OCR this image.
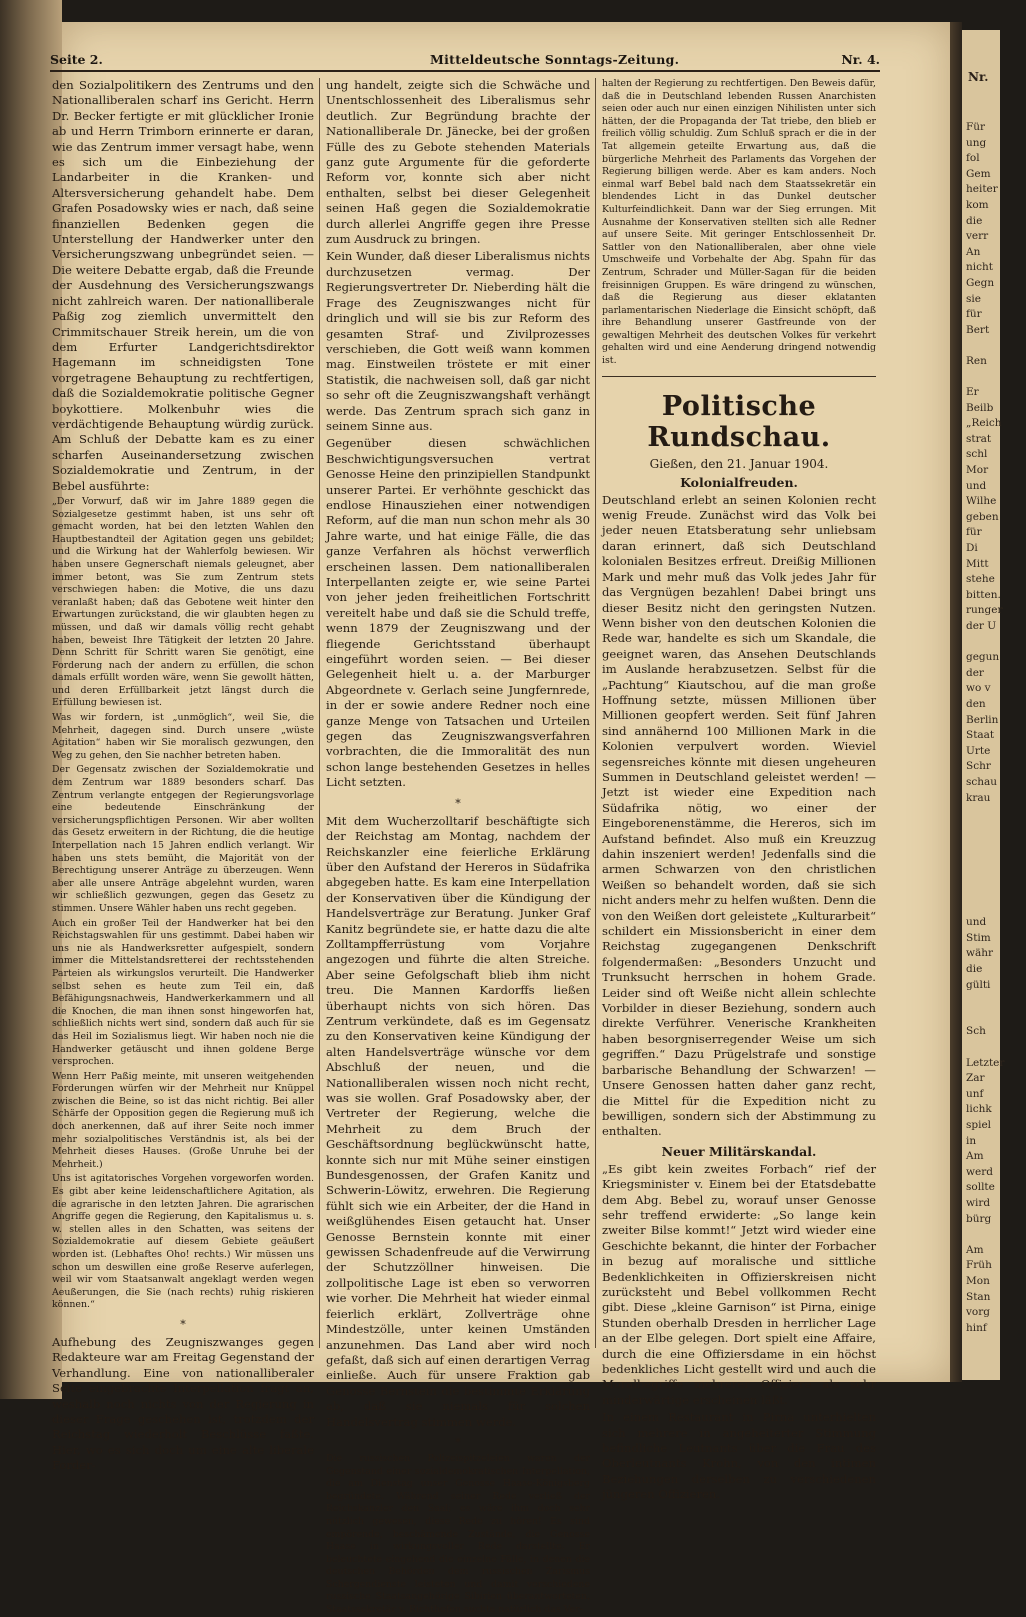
Nr.
Für
ung
fol
Gem
heiter
kom
die
verr
An
nicht
Gegn
sie
für
Bert

Ren

Er
Beilb
„Reich
strat
schl
Mor
und
Wilhe
geben
für
Di
Mitt
stehe
bitten.
runger
der U

gegun
der
wo v
den
Berlin
Staat
Urte
Schr
schau
krau

und
Stim
währ
die
gülti

Sch

Letzter
Zar
unf
lichk
spiel
in
Am
werd
sollte
wird
bürg

Am
Früh
Mon
Stan
vorg
hinf
Seite 2.	Mitteldeutsche Sonntags-Zeitung.	Nr. 4.

den Sozialpolitikern des Zentrums und den Nationalliberalen scharf ins Gericht. Herrn Dr. Becker fertigte er mit glücklicher Ironie ab und Herrn Trimborn erinnerte er daran, wie das Zentrum immer versagt habe, wenn es sich um die Einbeziehung der Landarbeiter in die Kranken- und Altersversicherung gehandelt habe. Dem Grafen Posadowsky wies er nach, daß seine finanziellen Bedenken gegen die Unterstellung der Handwerker unter den Versicherungszwang unbegründet seien. — Die weitere Debatte ergab, daß die Freunde der Ausdehnung des Versicherungszwangs nicht zahlreich waren. Der nationalliberale Paßig zog ziemlich unvermittelt den Crimmitschauer Streik herein, um die von dem Erfurter Landgerichtsdirektor Hagemann im schneidigsten Tone vorgetragene Behauptung zu rechtfertigen, daß die Sozialdemokratie politische Gegner boykottiere. Molkenbuhr wies die verdächtigende Behauptung würdig zurück. Am Schluß der Debatte kam es zu einer scharfen Auseinandersetzung zwischen Sozialdemokratie und Zentrum, in der Bebel ausführte:

„Der Vorwurf, daß wir im Jahre 1889 gegen die Sozialgesetze gestimmt haben, ist uns sehr oft gemacht worden, hat bei den letzten Wahlen den Hauptbestandteil der Agitation gegen uns gebildet; und die Wirkung hat der Wahlerfolg bewiesen. Wir haben unsere Gegnerschaft niemals geleugnet, aber immer betont, was Sie zum Zentrum stets verschwiegen haben: die Motive, die uns dazu veranlaßt haben; daß das Gebotene weit hinter den Erwartungen zurückstand, die wir glaubten hegen zu müssen, und daß wir damals völlig recht gehabt haben, beweist Ihre Tätigkeit der letzten 20 Jahre. Denn Schritt für Schritt waren Sie genötigt, eine Forderung nach der andern zu erfüllen, die schon damals erfüllt worden wäre, wenn Sie gewollt hätten, und deren Erfüllbarkeit jetzt längst durch die Erfüllung bewiesen ist.

Was wir fordern, ist „unmöglich“, weil Sie, die Mehrheit, dagegen sind. Durch unsere „wüste Agitation“ haben wir Sie moralisch gezwungen, den Weg zu gehen, den Sie nachher betreten haben.

Der Gegensatz zwischen der Sozialdemokratie und dem Zentrum war 1889 besonders scharf. Das Zentrum verlangte entgegen der Regierungsvorlage eine bedeutende Einschränkung der versicherungspflichtigen Personen. Wir aber wollten das Gesetz erweitern in der Richtung, die die heutige Interpellation nach 15 Jahren endlich verlangt. Wir haben uns stets bemüht, die Majorität von der Berechtigung unserer Anträge zu überzeugen. Wenn aber alle unsere Anträge abgelehnt wurden, waren wir schließlich gezwungen, gegen das Gesetz zu stimmen. Unsere Wähler haben uns recht gegeben.

Auch ein großer Teil der Handwerker hat bei den Reichstagswahlen für uns gestimmt. Dabei haben wir uns nie als Handwerksretter aufgespielt, sondern immer die Mittelstandsretterei der rechtsstehenden Parteien als wirkungslos verurteilt. Die Handwerker selbst sehen es heute zum Teil ein, daß Befähigungsnachweis, Handwerkerkammern und all die Knochen, die man ihnen sonst hingeworfen hat, schließlich nichts wert sind, sondern daß auch für sie das Heil im Sozialismus liegt. Wir haben noch nie die Handwerker getäuscht und ihnen goldene Berge versprochen.

Wenn Herr Paßig meinte, mit unseren weitgehenden Forderungen würfen wir der Mehrheit nur Knüppel zwischen die Beine, so ist das nicht richtig. Bei aller Schärfe der Opposition gegen die Regierung muß ich doch anerkennen, daß auf ihrer Seite noch immer mehr sozialpolitisches Verständnis ist, als bei der Mehrheit dieses Hauses. (Große Unruhe bei der Mehrheit.)

Uns ist agitatorisches Vorgehen vorgeworfen worden. Es gibt aber keine leidenschaftlichere Agitation, als die agrarische in den letzten Jahren. Die agrarischen Angriffe gegen die Regierung, den Kapitalismus u. s. w. stellen alles in den Schatten, was seitens der Sozialdemokratie auf diesem Gebiete geäußert worden ist. (Lebhaftes Oho! rechts.) Wir müssen uns schon um deswillen eine große Reserve auferlegen, weil wir vom Staatsanwalt angeklagt werden wegen Aeußerungen, die Sie (nach rechts) ruhig riskieren können.“

*

Aufhebung des Zeugniszwanges gegen Redakteure war am Freitag Gegenstand der Verhandlung. Eine von nationalliberaler Seite eingebrachte Interpellation fragt an, weshalb noch nichts von der Regierung in dieser Frage geschehen ist, trotzdem der Reichstag wiederholt Beschlüsse faßte. Hier, wo es sich doch um eine alte liberale Forder-

ung handelt, zeigte sich die Schwäche und Unentschlossenheit des Liberalismus sehr deutlich. Zur Begründung brachte der Nationalliberale Dr. Jänecke, bei der großen Fülle des zu Gebote stehenden Materials ganz gute Argumente für die geforderte Reform vor, konnte sich aber nicht enthalten, selbst bei dieser Gelegenheit seinen Haß gegen die Sozialdemokratie durch allerlei Angriffe gegen ihre Presse zum Ausdruck zu bringen.

Kein Wunder, daß dieser Liberalismus nichts durchzusetzen vermag. Der Regierungsvertreter Dr. Nieberding hält die Frage des Zeugniszwanges nicht für dringlich und will sie bis zur Reform des gesamten Straf- und Zivilprozesses verschieben, die Gott weiß wann kommen mag. Einstweilen tröstete er mit einer Statistik, die nachweisen soll, daß gar nicht so sehr oft die Zeugniszwangshaft verhängt werde. Das Zentrum sprach sich ganz in seinem Sinne aus.

Gegenüber diesen schwächlichen Beschwichtigungsversuchen vertrat Genosse Heine den prinzipiellen Standpunkt unserer Partei. Er verhöhnte geschickt das endlose Hinausziehen einer notwendigen Reform, auf die man nun schon mehr als 30 Jahre warte, und hat einige Fälle, die das ganze Verfahren als höchst verwerflich erscheinen lassen. Dem nationalliberalen Interpellanten zeigte er, wie seine Partei von jeher jeden freiheitlichen Fortschritt vereitelt habe und daß sie die Schuld treffe, wenn 1879 der Zeugniszwang und der fliegende Gerichtsstand überhaupt eingeführt worden seien. — Bei dieser Gelegenheit hielt u. a. der Marburger Abgeordnete v. Gerlach seine Jungfernrede, in der er sowie andere Redner noch eine ganze Menge von Tatsachen und Urteilen gegen das Zeugniszwangsverfahren vorbrachten, die die Immoralität des nun schon lange bestehenden Gesetzes in helles Licht setzten.

*

Mit dem Wucherzolltarif beschäftigte sich der Reichstag am Montag, nachdem der Reichskanzler eine feierliche Erklärung über den Aufstand der Hereros in Südafrika abgegeben hatte. Es kam eine Interpellation der Konservativen über die Kündigung der Handelsverträge zur Beratung. Junker Graf Kanitz begründete sie, er hatte dazu die alte Zolltampfferrüstung vom Vorjahre angezogen und führte die alten Streiche. Aber seine Gefolgschaft blieb ihm nicht treu. Die Mannen Kardorffs ließen überhaupt nichts von sich hören. Das Zentrum verkündete, daß es im Gegensatz zu den Konservativen keine Kündigung der alten Handelsverträge wünsche vor dem Abschluß der neuen, und die Nationalliberalen wissen noch nicht recht, was sie wollen. Graf Posadowsky aber, der Vertreter der Regierung, welche die Mehrheit zu dem Bruch der Geschäftsordnung beglückwünscht hatte, konnte sich nur mit Mühe seiner einstigen Bundesgenossen, der Grafen Kanitz und Schwerin-Löwitz, erwehren. Die Regierung fühlt sich wie ein Arbeiter, der die Hand in weißglühendes Eisen getaucht hat. Unser Genosse Bernstein konnte mit einer gewissen Schadenfreude auf die Verwirrung der Schutzzöllner hinweisen. Die zollpolitische Lage ist eben so verworren wie vorher. Die Mehrheit hat wieder einmal feierlich erklärt, Zollverträge ohne Mindestzölle, unter keinen Umständen anzunehmen. Das Land aber wird noch gefaßt, daß sich auf einen derartigen Verrag einließe. Auch für unsere Fraktion gab Genosse Bernstein die bestimmte Erklärung ab, daß sie niemals für solchen Handelsvertrag stimmen werde.

*

Die russischen Polizeispitzeleien waren der Gegenstand einer sozialdemokratischen Interpellation, die am Dienstag unser Genosse Haase-Königsberg begründete. Während seiner Rede verließ der Reichskanzler den Saal; es wäre ihm doch sehr nützlich gewesen, diese Rede zu hören! Es sind empörende, beschämende Zustände, die Genosse Haase in wirkungsvoller Rede darstellte. Er beleuchtete eingehend die einzelne Fälle, in denen die deutschen Behörden dem russischen Zarismus Schergendienste leisteten und damit verschiedene russische Staatsangehörige Sibirien überantworteten. Staatssekretär v. Richthofen suchte natürlich das Ver-

halten der Regierung zu rechtfertigen. Den Beweis dafür, daß die in Deutschland lebenden Russen Anarchisten seien oder auch nur einen einzigen Nihilisten unter sich hätten, der die Propaganda der Tat triebe, den blieb er freilich völlig schuldig. Zum Schluß sprach er die in der Tat allgemein geteilte Erwartung aus, daß die bürgerliche Mehrheit des Parlaments das Vorgehen der Regierung billigen werde. Aber es kam anders. Noch einmal warf Bebel bald nach dem Staatssekretär ein blendendes Licht in das Dunkel deutscher Kulturfeindlichkeit. Dann war der Sieg errungen. Mit Ausnahme der Konservativen stellten sich alle Redner auf unsere Seite. Mit geringer Entschlossenheit Dr. Sattler von den Nationalliberalen, aber ohne viele Umschweife und Vorbehalte der Abg. Spahn für das Zentrum, Schrader und Müller-Sagan für die beiden freisinnigen Gruppen. Es wäre dringend zu wünschen, daß die Regierung aus dieser eklatanten parlamentarischen Niederlage die Einsicht schöpft, daß ihre Behandlung unserer Gastfreunde von der gewaltigen Mehrheit des deutschen Volkes für verkehrt gehalten wird und eine Aenderung dringend notwendig ist.

Politische Rundschau.
Gießen, den 21. Januar 1904.
Kolonialfreuden.

Deutschland erlebt an seinen Kolonien recht wenig Freude. Zunächst wird das Volk bei jeder neuen Etatsberatung sehr unliebsam daran erinnert, daß sich Deutschland kolonialen Besitzes erfreut. Dreißig Millionen Mark und mehr muß das Volk jedes Jahr für das Vergnügen bezahlen! Dabei bringt uns dieser Besitz nicht den geringsten Nutzen. Wenn bisher von den deutschen Kolonien die Rede war, handelte es sich um Skandale, die geeignet waren, das Ansehen Deutschlands im Auslande herabzusetzen. Selbst für die „Pachtung“ Kiautschou, auf die man große Hoffnung setzte, müssen Millionen über Millionen geopfert werden. Seit fünf Jahren sind annähernd 100 Millionen Mark in die Kolonien verpulvert worden. Wieviel segensreiches könnte mit diesen ungeheuren Summen in Deutschland geleistet werden! — Jetzt ist wieder eine Expedition nach Südafrika nötig, wo einer der Eingeborenenstämme, die Hereros, sich im Aufstand befindet. Also muß ein Kreuzzug dahin inszeniert werden! Jedenfalls sind die armen Schwarzen von den christlichen Weißen so behandelt worden, daß sie sich nicht anders mehr zu helfen wußten. Denn die von den Weißen dort geleistete „Kulturarbeit“ schildert ein Missionsbericht in einer dem Reichstag zugegangenen Denkschrift folgendermaßen: „Besonders Unzucht und Trunksucht herrschen in hohem Grade. Leider sind oft Weiße nicht allein schlechte Vorbilder in dieser Beziehung, sondern auch direkte Verführer. Venerische Krankheiten haben besorgniserregender Weise um sich gegriffen.“ Dazu Prügelstrafe und sonstige barbarische Behandlung der Schwarzen! — Unsere Genossen hatten daher ganz recht, die Mittel für die Expedition nicht zu bewilligen, sondern sich der Abstimmung zu enthalten.

Neuer Militärskandal.

„Es gibt kein zweites Forbach“ rief der Kriegsminister v. Einem bei der Etatsdebatte dem Abg. Bebel zu, worauf unser Genosse sehr treffend erwiderte: „So lange kein zweiter Bilse kommt!“ Jetzt wird wieder eine Geschichte bekannt, die hinter der Forbacher in bezug auf moralische und sittliche Bedenklichkeiten in Offizierskreisen nicht zurücksteht und Bebel vollkommen Recht gibt. Diese „kleine Garnison“ ist Pirna, einige Stunden oberhalb Dresden in herrlicher Lage an der Elbe gelegen. Dort spielt eine Affaire, durch die eine Offiziersdame in ein höchst bedenkliches Licht gestellt wird und auch die Moralbegriffe mehrerer Offiziere als sehr minderwärtige erscheinen läßt.

In einem Restaurant in Pirna unterhielten sich mehrere in angeheiterter Stimmung befindliche Leutnants über die Frau des Oberleutnants Krohn, von den intimen Beziehungen derselben zu verschiedenen jüngeren Offizieren.
